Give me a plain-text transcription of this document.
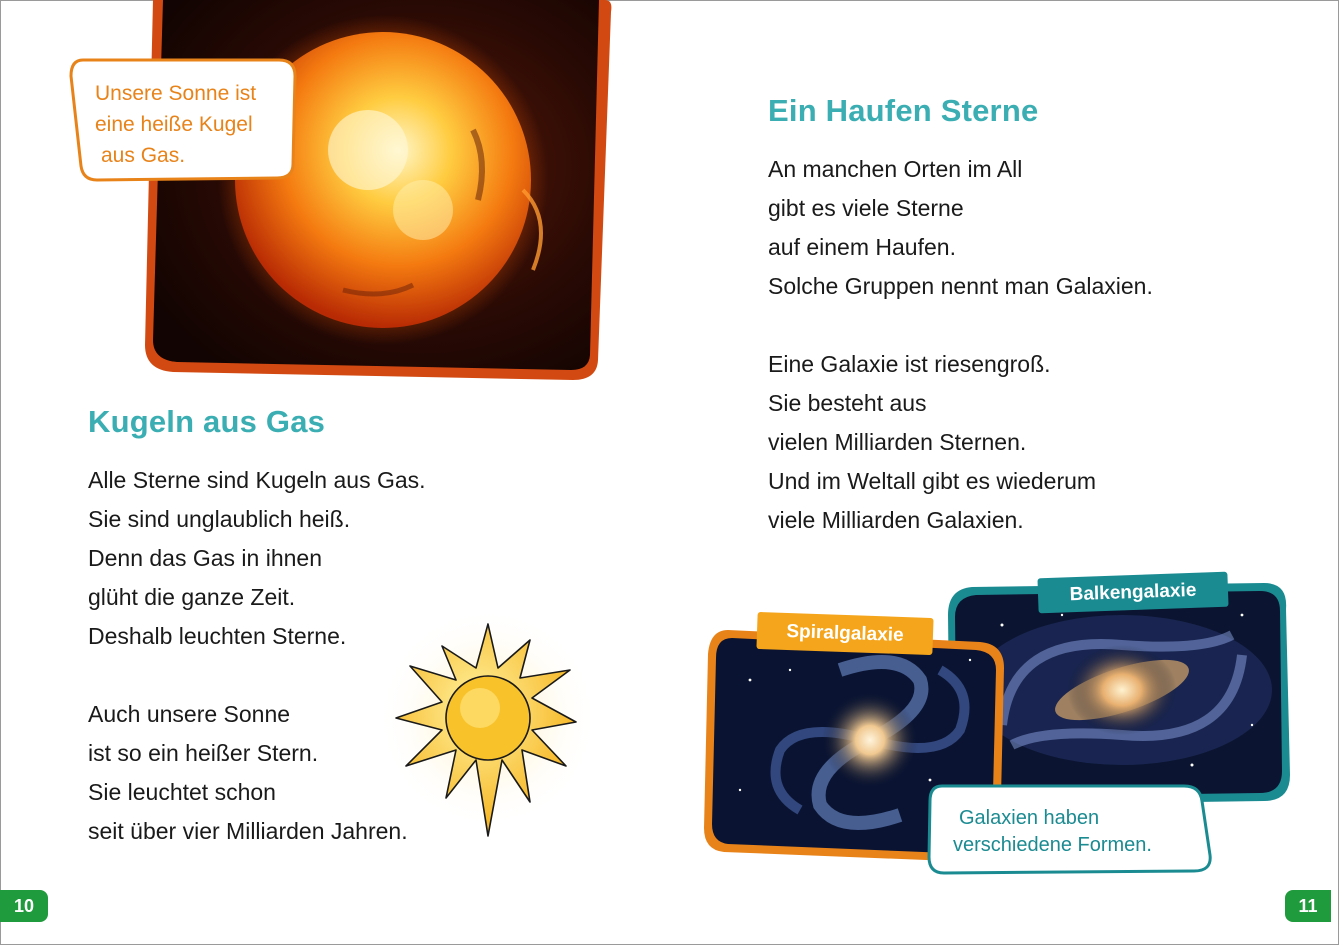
Unsere Sonne ist
eine heiße Kugel
aus Gas.
Kugeln aus Gas
Alle Sterne sind Kugeln aus Gas.
Sie sind unglaublich heiß.
Denn das Gas in ihnen
glüht die ganze Zeit.
Deshalb leuchten Sterne.
Auch unsere Sonne
ist so ein heißer Stern.
Sie leuchtet schon
seit über vier Milliarden Jahren.
Ein Haufen Sterne
An manchen Orten im All
gibt es viele Sterne
auf einem Haufen.
Solche Gruppen nennt man Galaxien.
Eine Galaxie ist riesengroß.
Sie besteht aus
vielen Milliarden Sternen.
Und im Weltall gibt es wiederum
viele Milliarden Galaxien.
Spiralgalaxie
Balkengalaxie
Galaxien haben
verschiedene Formen.
10	11
